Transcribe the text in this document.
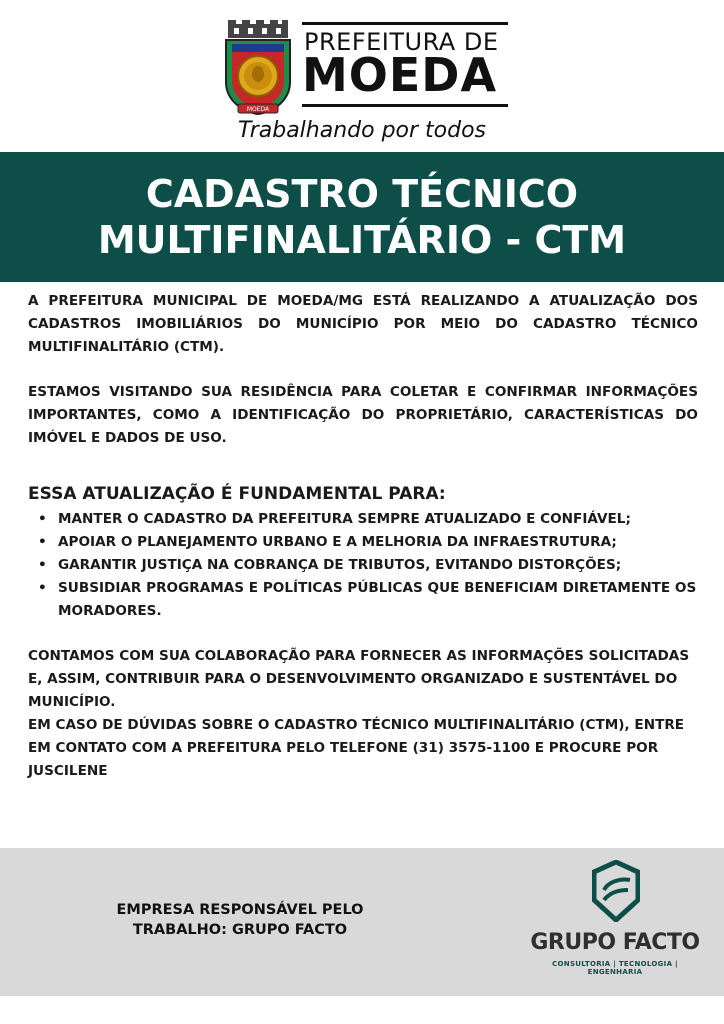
MOEDA
PREFEITURA DE
MOEDA
Trabalhando por todos
CADASTRO TÉCNICO
MULTIFINALITÁRIO - CTM

A PREFEITURA MUNICIPAL DE MOEDA/MG ESTÁ REALIZANDO A ATUALIZAÇÃO DOS CADASTROS IMOBILIÁRIOS DO MUNICÍPIO POR MEIO DO CADASTRO TÉCNICO MULTIFINALITÁRIO (CTM).

ESTAMOS VISITANDO SUA RESIDÊNCIA PARA COLETAR E CONFIRMAR INFORMAÇÕES IMPORTANTES, COMO A IDENTIFICAÇÃO DO PROPRIETÁRIO, CARACTERÍSTICAS DO IMÓVEL E DADOS DE USO.

ESSA ATUALIZAÇÃO É FUNDAMENTAL PARA:
• MANTER O CADASTRO DA PREFEITURA SEMPRE ATUALIZADO E CONFIÁVEL;
• APOIAR O PLANEJAMENTO URBANO E A MELHORIA DA INFRAESTRUTURA;
• GARANTIR JUSTIÇA NA COBRANÇA DE TRIBUTOS, EVITANDO DISTORÇÕES;
• SUBSIDIAR PROGRAMAS E POLÍTICAS PÚBLICAS QUE BENEFICIAM DIRETAMENTE OS MORADORES.

CONTAMOS COM SUA COLABORAÇÃO PARA FORNECER AS INFORMAÇÕES SOLICITADAS E, ASSIM, CONTRIBUIR PARA O DESENVOLVIMENTO ORGANIZADO E SUSTENTÁVEL DO MUNICÍPIO.

EM CASO DE DÚVIDAS SOBRE O CADASTRO TÉCNICO MULTIFINALITÁRIO (CTM), ENTRE EM CONTATO COM A PREFEITURA PELO TELEFONE (31) 3575-1100 E PROCURE POR JUSCILENE

EMPRESA RESPONSÁVEL PELO
TRABALHO: GRUPO FACTO	GRUPO FACTO
CONSULTORIA | TECNOLOGIA | ENGENHARIA
